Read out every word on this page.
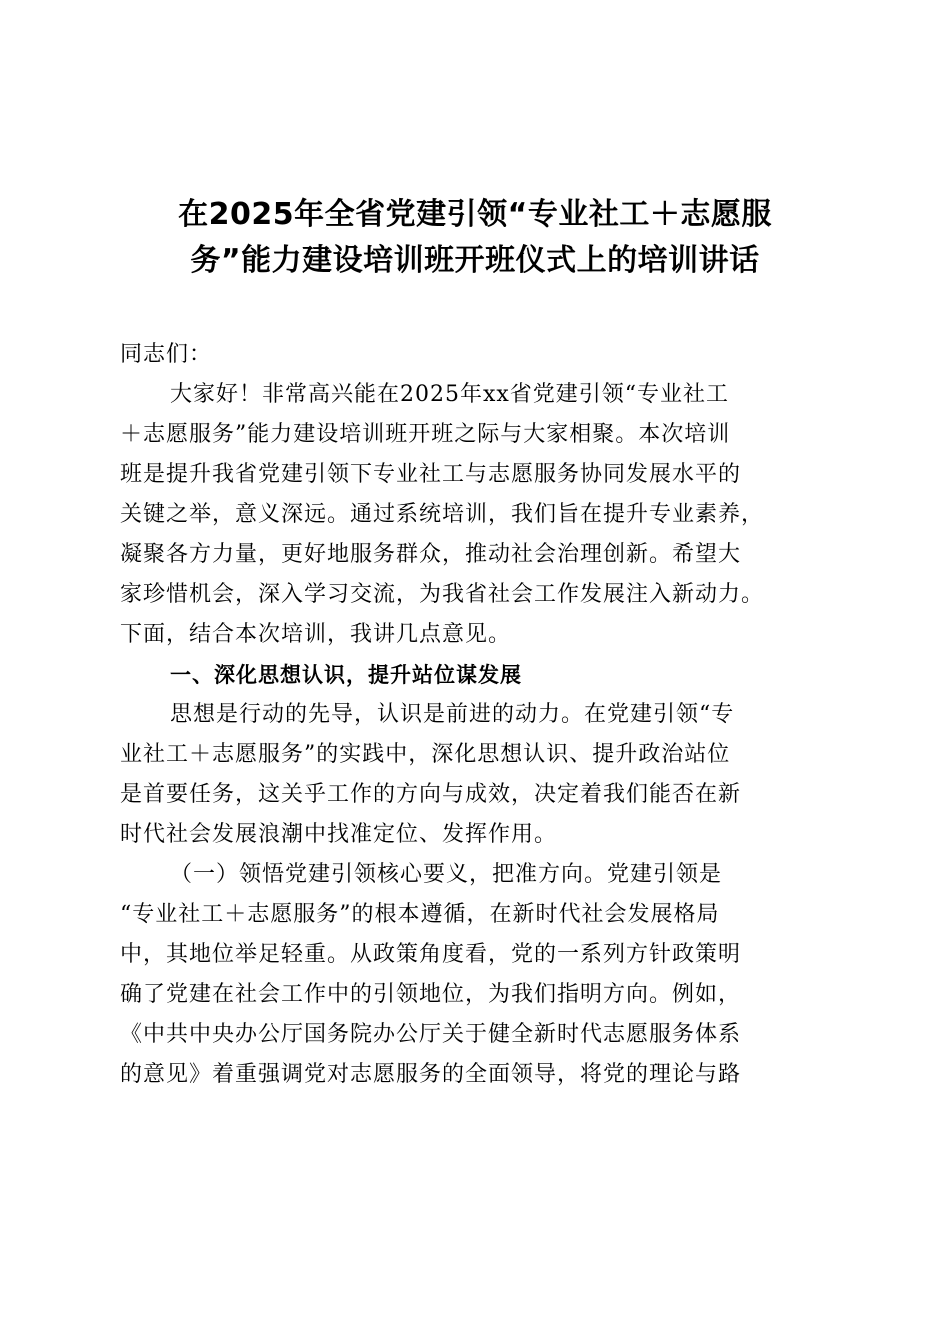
在2025年全省党建引领“专业社工＋志愿服
务”能力建设培训班开班仪式上的培训讲话

同志们：

大家好！非常高兴能在2025年xx省党建引领“专业社工
＋志愿服务”能力建设培训班开班之际与大家相聚。本次培训
班是提升我省党建引领下专业社工与志愿服务协同发展水平的
关键之举，意义深远。通过系统培训，我们旨在提升专业素养，
凝聚各方力量，更好地服务群众，推动社会治理创新。希望大
家珍惜机会，深入学习交流，为我省社会工作发展注入新动力。
下面，结合本次培训，我讲几点意见。

一、深化思想认识，提升站位谋发展

思想是行动的先导，认识是前进的动力。在党建引领“专
业社工＋志愿服务”的实践中，深化思想认识、提升政治站位
是首要任务，这关乎工作的方向与成效，决定着我们能否在新
时代社会发展浪潮中找准定位、发挥作用。

（一）领悟党建引领核心要义，把准方向。党建引领是
“专业社工＋志愿服务”的根本遵循，在新时代社会发展格局
中，其地位举足轻重。从政策角度看，党的一系列方针政策明
确了党建在社会工作中的引领地位，为我们指明方向。例如，
《中共中央办公厅国务院办公厅关于健全新时代志愿服务体系
的意见》着重强调党对志愿服务的全面领导，将党的理论与路
